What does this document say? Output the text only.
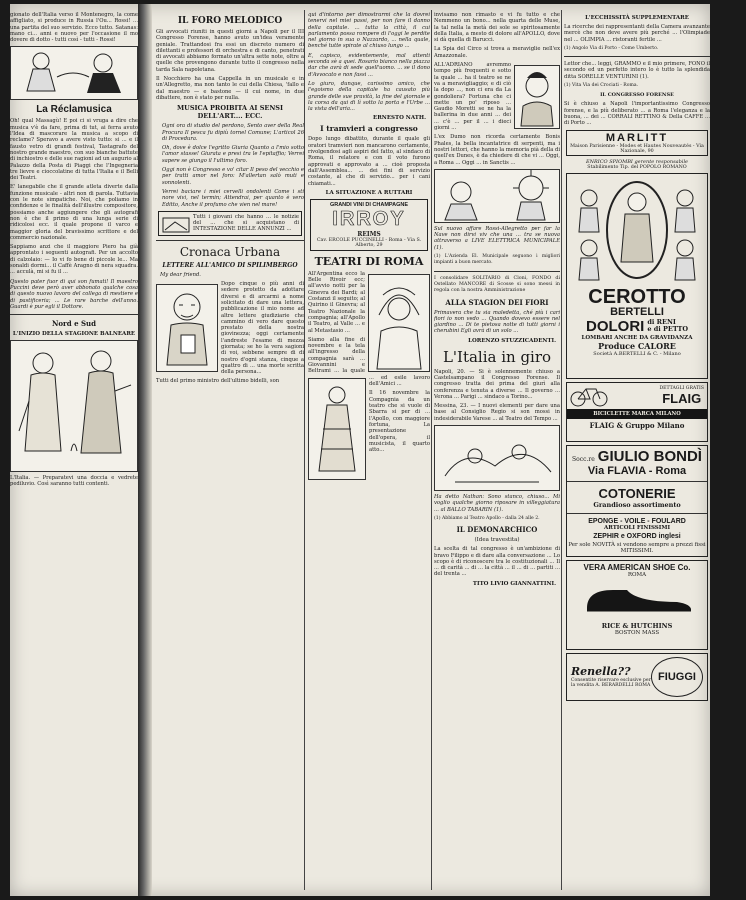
gionato dell'Italia verso il Montenegro, la come affigliato, si produce in Russia l'Ou... Rossi! ... una partita del suo servizio. Ecco tutto. Satanas: mano ci... anni e nuovo per l'occasione il mo dovere di dotto - tutti così - tutti - Rossi!

La Réclamusica

Oh! qual Massagù! E poi ci si vruga a dire che musica v'è da fare, prima di tut, ai ferra avuto l'Idea di mascorare la musica a scopo di reclame? Speravo a avere visto tutto: si ... e il fausto vetro di grandi festival, Tastagrafo del nostro grande maestro, con suo bianche battute di inchiostro e delle sue ragioni ad un augurio al Palazzo della Posta di Piaggi che l'Ingegneria tre lievre e cioccolatine di tutta l'Italia e il Belli dei Teatri.

E' lanegabile che il grande atleta diverte dalla funzione musicale - altri non di parola. Tuttavia con le note simpatiche. Noi, che poliamo in confidenze e le finalità dell'illustre compositore, possiamo anche aggiungere che gli autografi non è che il primo di una lunga serie di ridicolosi ecc. il quale propone il varco e maggior gloria del bravissimo scrittore e del commercio nazionale.

Sappiamo anzi che il maggiore Piero ha già approntato i seguenti autografi. Per un accolto di calzolaio: — Io vi fo bene di piccole le... Ma sonaldi dormi... il Caffè Aragno di nera squadra. ... acculà, mi si fu il ...

Questo pater fuor di qui son fumati! Il maestro Puccini deve però aver abbonato qualche cosa di questo nuovo lavoro del collega di mestiere e di pastificeria; ... Le rare barche dell'anno. Guardi è pur egli il Dottore.

Nord e Sud
L'INIZIO DELLA STAGIONE BALNEARE

L'Italia. — Preparatevi una doccia e vedrete pediluvio. Così saranno tutti contenti.

IL FORO MELODICO

Gli avvocati riuniti in questi giorni a Napoli per il III Congresso Forense, hanno avuto un'idea veramente geniale. Trattandosi fra essi un discreto numero di dilettanti e professori di orchestra e di canto, penetrati di avvocati abbiamo formato un'altra sette note, oltre a quelle che provengono durante tutto il congresso nella tarda Sala napoletana.

Il Nocchiero ha una Cappella in un musicale e in un'Allegretto, ma non tanto le cui della Chiesa, 'fallo e dal maestro — e bastone — il cui nome, in due dibattere, non è stato per nulla.

MUSICA PROIBITA AI SENSI DELL'ART.... ECC.

Ogni ora di studio del perdono, Sento aver della Real Procura Il pesca fu dipiù tornel Comune; L'articol 26 di Procedura.

Oh, dove è dolce l'egritto Giuria Quanto a l'mio sotto l'amor stasse! Giurata e presi tra le l'epitaffio; Verrei sapere se giungo il l'ultimo foro.

Oggi non è Congresso e vo' citar Il peso del vecchio e per tratti amor nel foro: M'allertan salò muti e sonnolenti.

Verrei baciare i miei cervelli ondolenti Come i sti nore vivi, nel termin; Attendrai, per quanto è vero Editto, Anche il profumo che vien nel mare!

Tutti i giovani che hanno ... le notizie del ... che si acquistano di INTESTAZIONE DELLE ANNUNZI ...

Cronaca Urbana
LETTERE ALL'AMICO DI SPILIMBERGO
My dear friend.

Dopo cinque o più anni di sedere protetto da adottare diversi e di arcarmi a nome solicitato di dare una lettera, pubblicazione il mio nome ad altre lettere giudiziarie che cammino di vero dare questo prestato della nostra giovinezza; oggi certamente l'andreste l'esame di mezza giornata; se ho la vera sagioni di voi, sebbene sempre di di nostro d'ogni stanza, cinque a quattro di ... una morte scritta della persona...

Tutti del primo ministro dell'ultimo bidelli, son

qui d'intorno per dimostrarmi che la dovrei tenervi nel miei passi, per non fare il danno della capitale. ... tutta la città, il cui parlamento possa rompere di l'oggi le perdite nel giorno in sua o Nazzardo, ... nella quale, benché tutte spirate al chiuso lungo ...

E, capisco, evidentemente, mal attenti seconda sè a quei. Rosario bianco nella piazza dar che avrà di sede quell'uomo. ... se il dono d'Avvocato e non fassi ...

Lo giuro, dunque, carissimo amico, che l'egoismo della capitale ha causato più grande delle sue pravità, la fine del giornale e la corsa da qui di lì sotto la porta e l'Urbe ... la vista dell'aria...

ERNESTO NATH.
I tramvieri a congresso

Dopo lungo dibattito, durante il quale gli oratori tramvieri non mancarono certamente, rivolgendosi agli aspiri del fatto, al sindaco di Roma, il relatore e con il voto furono approvati e approvato a ... cioè proposta dall'Assemblea... ... dei fini di servizio costante, al che di servizio... per i cani chiamati...

LA SITUAZIONE A RUTTARI
GRANDI VINI DI CHAMPAGNE
IRROY
REIMS
Cav. ERCOLE PUCCINELLI - Roma - Via S. Alberto, 29
TEATRI DI ROMA

All'Argentina ecco la Belle Rivoir ecc; all'avvio notti per la Ginevra dei Bardi; al Costanzi il seguito; al Quirino il Ginevra; al Teatro Nazionale la compagnia; all'Apollo il Teatro, al Valle ... e al Metastasio ...

Siamo alla fine di novembre e la tela all'ingresso della compagnia sarà ... Giovannini e Beltrami ... la quale ... ed esile lavoro dell'Amici ...

Il 16 novembre la Compagnia da un teatro che si vuole di Sbarra si per di ... l'Apollo, con maggiore fortuna, La presentazione dell'opera, il musicista, il quarto atto...

invisamo non rimasto e vi fu tutto e che Nemmeno un bono... nella quarta delle Muse, la tal nella la metà dei sole se spiritosamente della Italia, a mesto di dolore all'APOLLO, dove si dà quella di Barucci.

La Spia del Circo si trova a meraviglie nell'ex Amazzonale.

ALL'ADRIANO avremmo tempo più frequenti e sotto la quale ... ha il teatro se ne va a meravigliaggio; e di ciò la dopo ..., non ci era da La gondoliera? Fortuna che ci mette un po' riposo ... Gaudio Moretti se ne ha la ballerina in due anni ... dei ... c'è ... per il ... i dieci giorni ...

L'ex Dumo non ricorda certamente Bonis Phales, la bella incantatrice di serpenti, ma i nostri lettori, che hanno la memoria pià della di quell'ex Dunes, è da chiedere di che vi ... Oggi, a Roma ... Oggi ... in Sanctis ...

Sul nuovo affare Rossi-Allegretto per far la Nave non dirvi viv che una ... tra se nuova attraverso a LIVE ELETTRICA MUNICIPALE (1).

(1) L'Azienda El. Municipale seguono i migliori impianti a buon mercato.

I consolidare SOLITARIO di Cloni, FONDO di Ostellato MANCORE di Scosse si sono messi in regola con la nostra Amministrazione

ALLA STAGION DEI FIORI

Primavera che tu sia maledetta, ché più i cari fiori io non vedo ... Quando dovevo essere nel giardino ... Di te pietosa notte di tutti giorni i cherubini Egli avrà di un solo ...

LORENZO STUZZICADENTI.
L'Italia in giro

Napoli, 20. — Si è solennemente chiuso a Castelsampano il Congresso Forense. Il congresso tratta dei prima del giurì alla conferenza e tenuta a diverse ... Il governo ... Verona ... Parigi ... sindaco a Torino...

Messina, 23. — I nuovi elementi per dare una base al Consiglio Regio si son mossi in indesiderabile Varese ... al Teatro del Tempo ...

Ha detto Nathan: Sono stanco, chiuso... Mi voglio qualche giorno riposare in villeggiatura ... al BALLO TABARIN (1).

(1) Abbiamo al Teatro Apollo - dalla 24 alle 2.

IL DEMONARCHICO
(Idea travestita)

La scelta di tal congresso è un'ambizione di bravo Filippo e di dare alla conversazione ... Lo scopo è di riconoscere tra le costituzionali ... Il ... di carità ... di ... la città ... il ... di ... partiti ... del trenta ...

TITO LIVIO GIANNATTINI.
L'ECCHISSITÀ SUPPLEMENTARE

La ricerche dei rappresentanti della Camera avanzante mercè che non deve avere più perché ... l'Olimpiade nel ... OLIMPIA ... ristoranti fertile ...

(1) Angolo Via di Porto - Come Umberto.

Lettor che... leggi, GRAMMO e il mio primere, FONO il secondo ed un perfetto intero lo è tutto la splendida ditta SORELLE VENTURINI (1).

(1) Vita Via dei Crociati - Roma.

IL CONGRESSO FORENSE

Si è chiuso a Napoli l'importantissimo Congresso forense, e la più deliberato ... a Roma l'eleganza e la buona, ... dei ... CORRALI RETTINO & Della CAFFE ... di Porto ...

MARLITT
Maison Parisienne - Modes et Hautes Nouveautés - Via Nazionale, 90
ENRICO SPIOMBI gerente responsabile
Stabilimento Tip. del POPOLO ROMANO
CEROTTO
BERTELLI
DOLORI di RENI
e di PETTO
LOMBARI ANCHE DA GRAVIDANZA
Produce CALORE
Società A.BERTELLI & C. - Milano
DETTAGLI GRATIS
FLAIG
BICICLETTE MARCA MILANO
FLAIG & Gruppo Milano
Socc.re GIULIO BONDÌ
Via FLAVIA - Roma
COTONERIE
Grandioso assortimento
EPONGE - VOILE - FOULARD
ARTICOLI FINISSIMI
ZEPHIR e OXFORD inglesi
Per sole NOVITÀ si vendono sempre a prezzi fissi MITISSIMI.
VERA AMERICAN SHOE Co.
ROMA
RICE & HUTCHINS
BOSTON MASS
Renella??
Consentite riservare esclusive per la vendita A. BERARDELLI ROMA
FIUGGI
